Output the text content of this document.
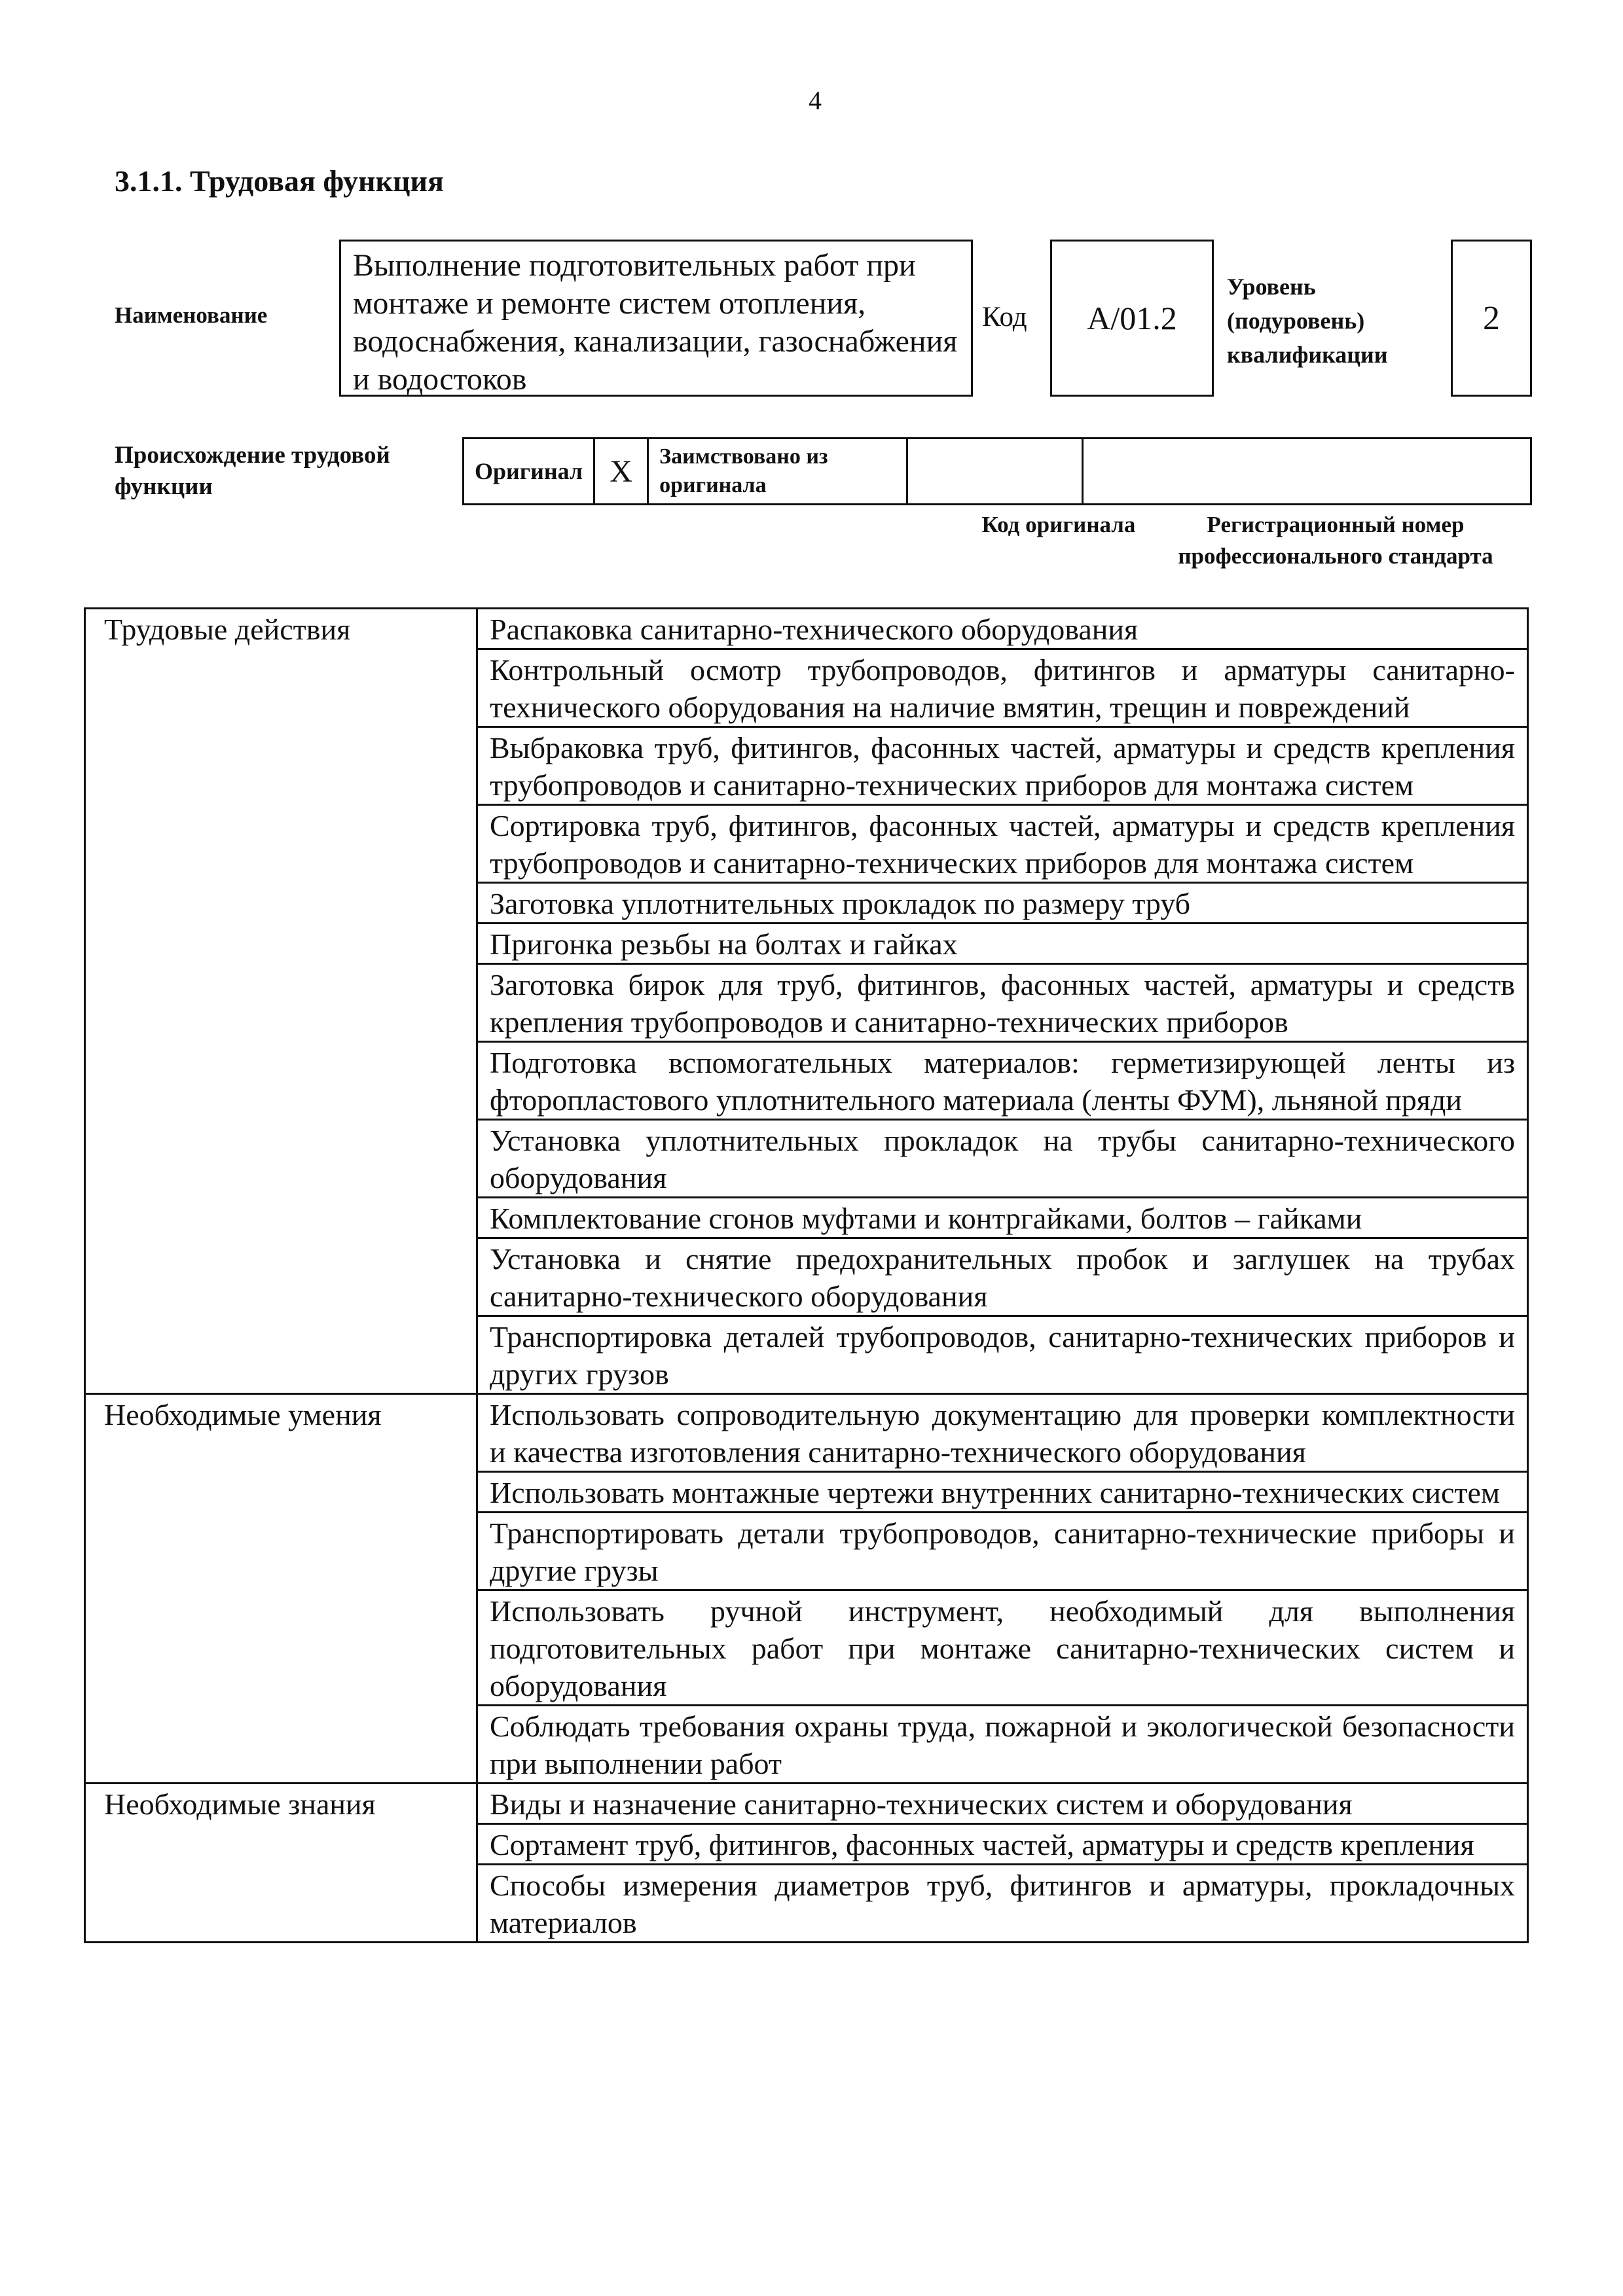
4
3.1.1. Трудовая функция
Наименование
Выполнение подготовительных работ при монтаже и ремонте систем отопления, водоснабжения, канализации, газоснабжения и водостоков
Код	A/01.2
Уровень (подуровень) квалификации
2
Происхождение трудовой функции
Оригинал	X	Заимствовано из оригинала		
Код оригинала	Регистрационный номер профессионального стандарта
Трудовые действия	Распаковка санитарно-технического оборудования
	Контрольный осмотр трубопроводов, фитингов и арматуры санитарно-технического оборудования на наличие вмятин, трещин и повреждений
	Выбраковка труб, фитингов, фасонных частей, арматуры и средств крепления трубопроводов и санитарно-технических приборов для монтажа систем
	Сортировка труб, фитингов, фасонных частей, арматуры и средств крепления трубопроводов и санитарно-технических приборов для монтажа систем
	Заготовка уплотнительных прокладок по размеру труб
	Пригонка резьбы на болтах и гайках
	Заготовка бирок для труб, фитингов, фасонных частей, арматуры и средств крепления трубопроводов и санитарно-технических приборов
	Подготовка вспомогательных материалов: герметизирующей ленты из фторопластового уплотнительного материала (ленты ФУМ), льняной пряди
	Установка уплотнительных прокладок на трубы санитарно-технического оборудования
	Комплектование сгонов муфтами и контргайками, болтов – гайками
	Установка и снятие предохранительных пробок и заглушек на трубах санитарно-технического оборудования
	Транспортировка деталей трубопроводов, санитарно-технических приборов и других грузов
Необходимые умения	Использовать сопроводительную документацию для проверки комплектности и качества изготовления санитарно-технического оборудования
	Использовать монтажные чертежи внутренних санитарно-технических систем
	Транспортировать детали трубопроводов, санитарно-технические приборы и другие грузы
	Использовать ручной инструмент, необходимый для выполнения подготовительных работ при монтаже санитарно-технических систем и оборудования
	Соблюдать требования охраны труда, пожарной и экологической безопасности при выполнении работ
Необходимые знания	Виды и назначение санитарно-технических систем и оборудования
	Сортамент труб, фитингов, фасонных частей, арматуры и средств крепления
	Способы измерения диаметров труб, фитингов и арматуры, прокладочных материалов
